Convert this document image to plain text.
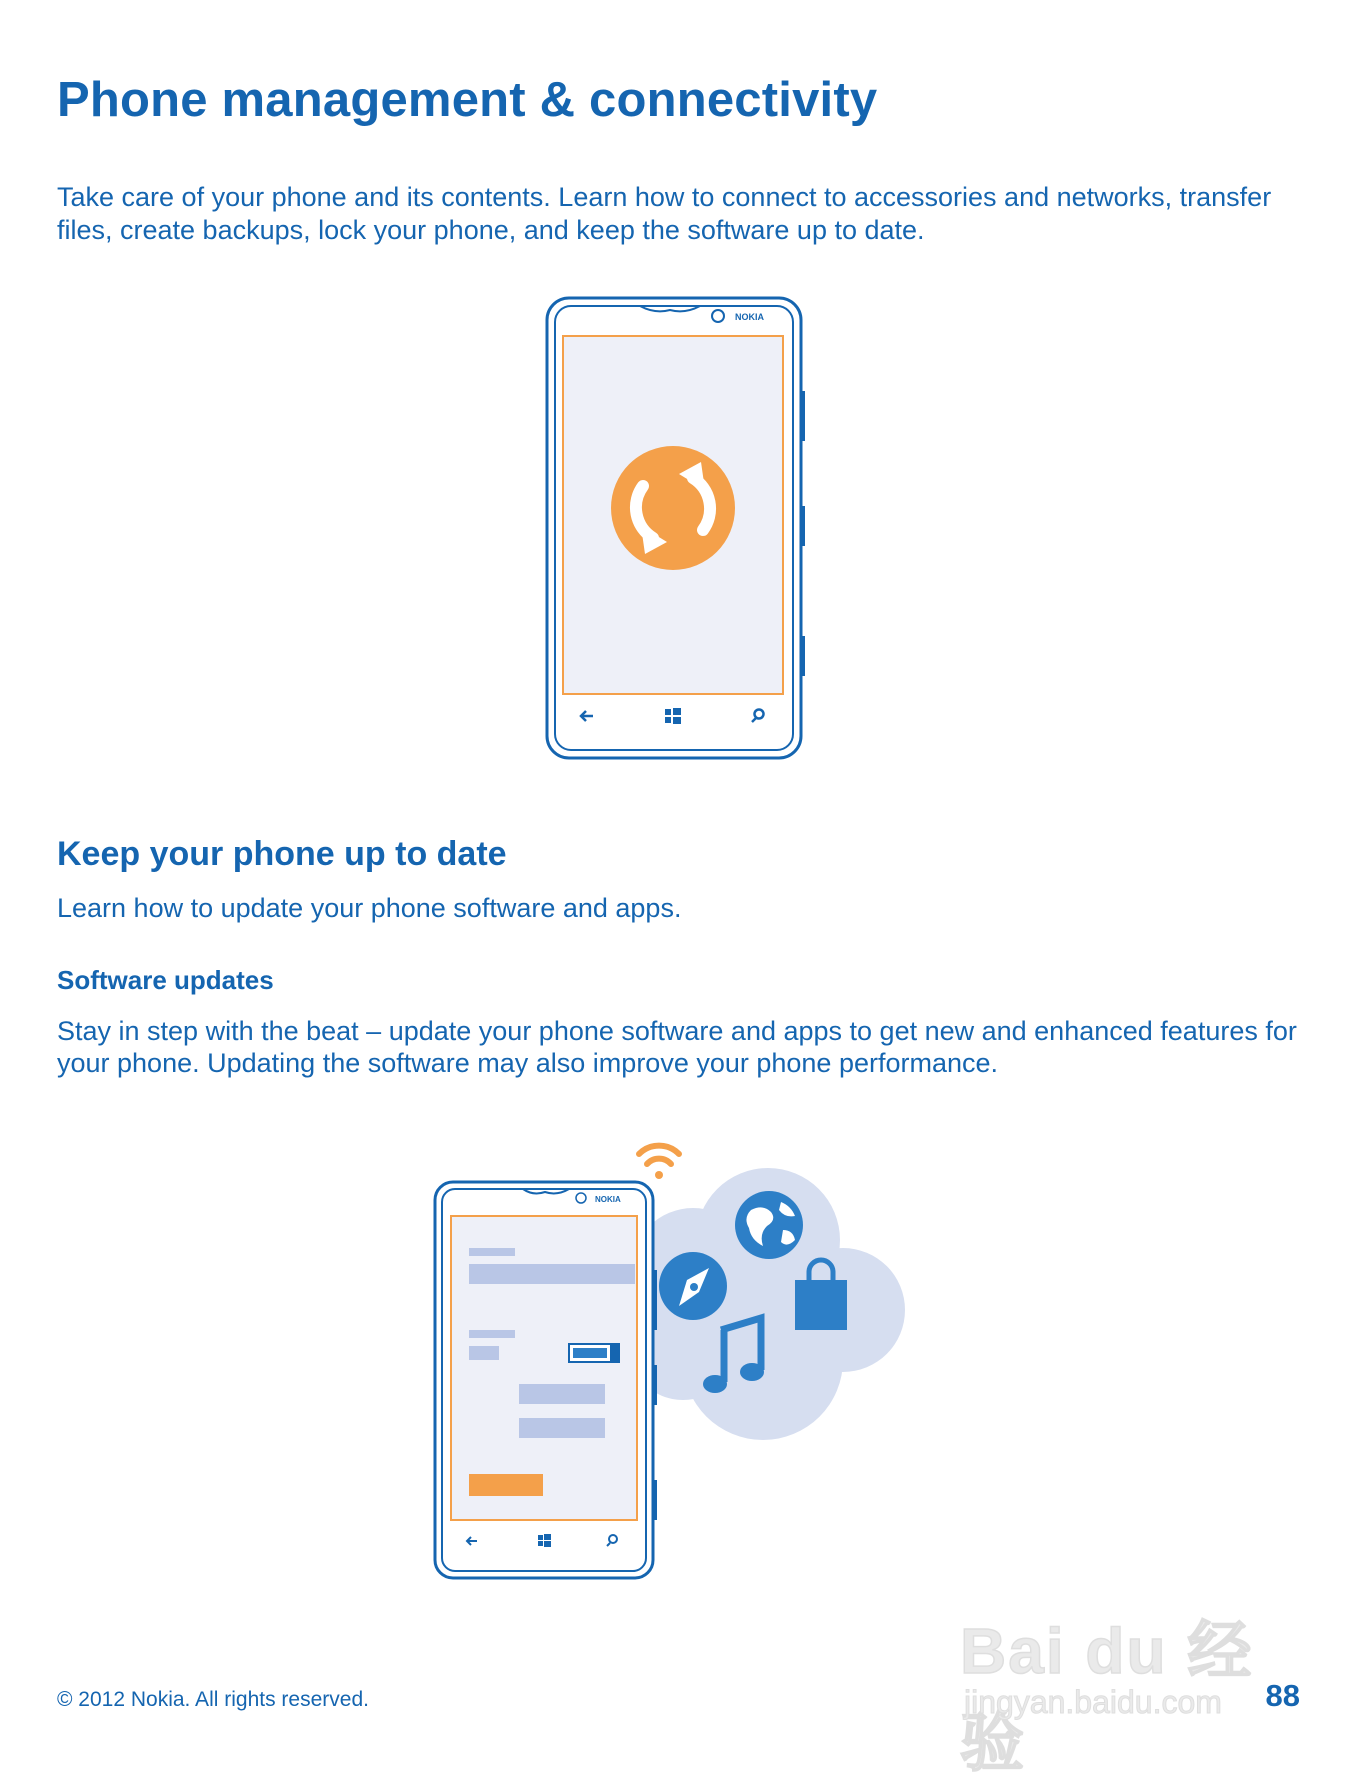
Phone management & connectivity

Take care of your phone and its contents. Learn how to connect to accessories and networks, transfer files, create backups, lock your phone, and keep the software up to date.

NOKIA
Keep your phone up to date

Learn how to update your phone software and apps.

Software updates

Stay in step with the beat – update your phone software and apps to get new and enhanced features for your phone. Updating the software may also improve your phone performance.

NOKIA
Bai du 经验
jingyan.baidu.com

© 2012 Nokia. All rights reserved.	88
